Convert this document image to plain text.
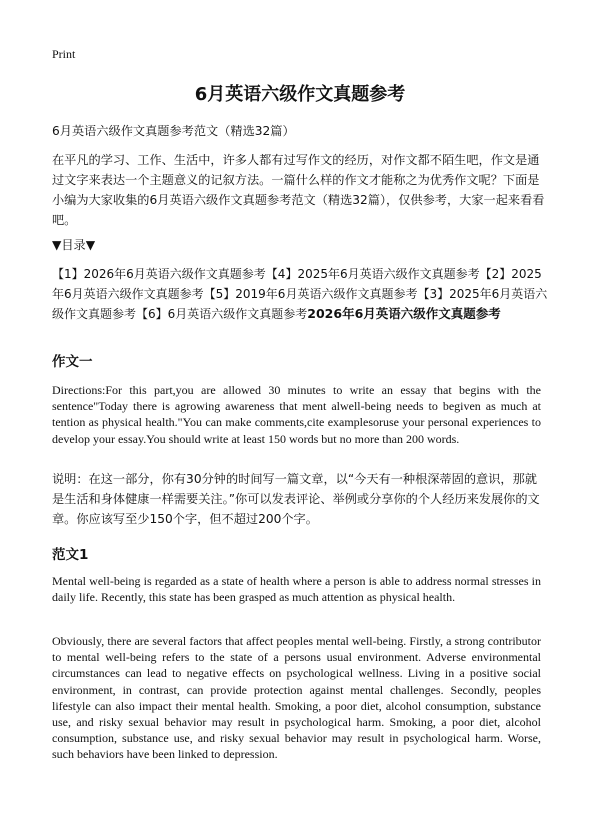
Print
6月英语六级作文真题参考
6月英语六级作文真题参考范文（精选32篇）
在平凡的学习、工作、生活中，许多人都有过写作文的经历，对作文都不陌生吧，作文是通过文字来表达一个主题意义的记叙方法。一篇什么样的作文才能称之为优秀作文呢？下面是小编为大家收集的6月英语六级作文真题参考范文（精选32篇），仅供参考，大家一起来看看吧。
▼目录▼
【1】2026年6月英语六级作文真题参考【4】2025年6月英语六级作文真题参考【2】2025年6月英语六级作文真题参考【5】2019年6月英语六级作文真题参考【3】2025年6月英语六级作文真题参考【6】6月英语六级作文真题参考2026年6月英语六级作文真题参考
作文一
Directions:For this part,you are allowed 30 minutes to write an essay that begins with the sentence"Today there is agrowing awareness that ment alwell-being needs to begiven as much at tention as physical health."You can make comments,cite examplesoruse your personal experiences to develop your essay.You should write at least 150 words but no more than 200 words.
说明：在这一部分，你有30分钟的时间写一篇文章，以“今天有一种根深蒂固的意识，那就是生活和身体健康一样需要关注。”你可以发表评论、举例或分享你的个人经历来发展你的文章。你应该写至少150个字，但不超过200个字。
范文1
Mental well-being is regarded as a state of health where a person is able to address normal stresses in daily life. Recently, this state has been grasped as much attention as physical health.
Obviously, there are several factors that affect peoples mental well-being. Firstly, a strong contributor to mental well-being refers to the state of a persons usual environment. Adverse environmental circumstances can lead to negative effects on psychological wellness. Living in a positive social environment, in contrast, can provide protection against mental challenges. Secondly, peoples lifestyle can also impact their mental health. Smoking, a poor diet, alcohol consumption, substance use, and risky sexual behavior may result in psychological harm. Smoking, a poor diet, alcohol consumption, substance use, and risky sexual behavior may result in psychological harm. Worse, such behaviors have been linked to depression.
